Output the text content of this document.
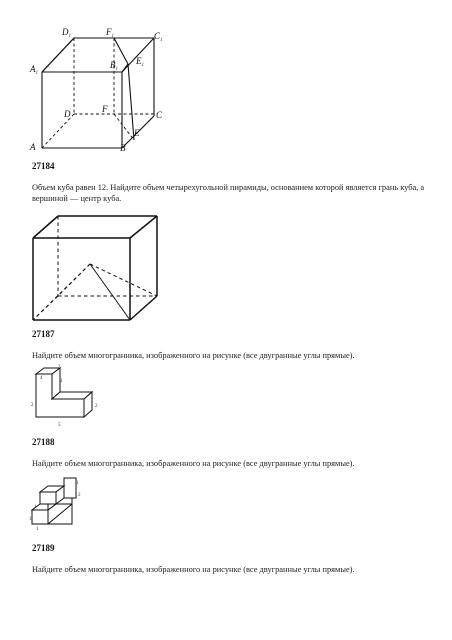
$D_1$	$F_1$	$C_1$
$A_1$
$B_1$
$E_1$
D	F
C
E
A	B
27184
Объем куба равен 12. Найдите объем четырехугольной пирамиды, основанием которой является грань куба, а вершиной — центр куба.
27187
Найдите объем многогранника, изображенного на рисунке (все двугранные углы прямые).
4
2
1
2	2
5
27188
Найдите объем многогранника, изображенного на рисунке (все двугранные углы прямые).
1
2
1
1
1
27189
Найдите объем многогранника, изображенного на рисунке (все двугранные углы прямые).
